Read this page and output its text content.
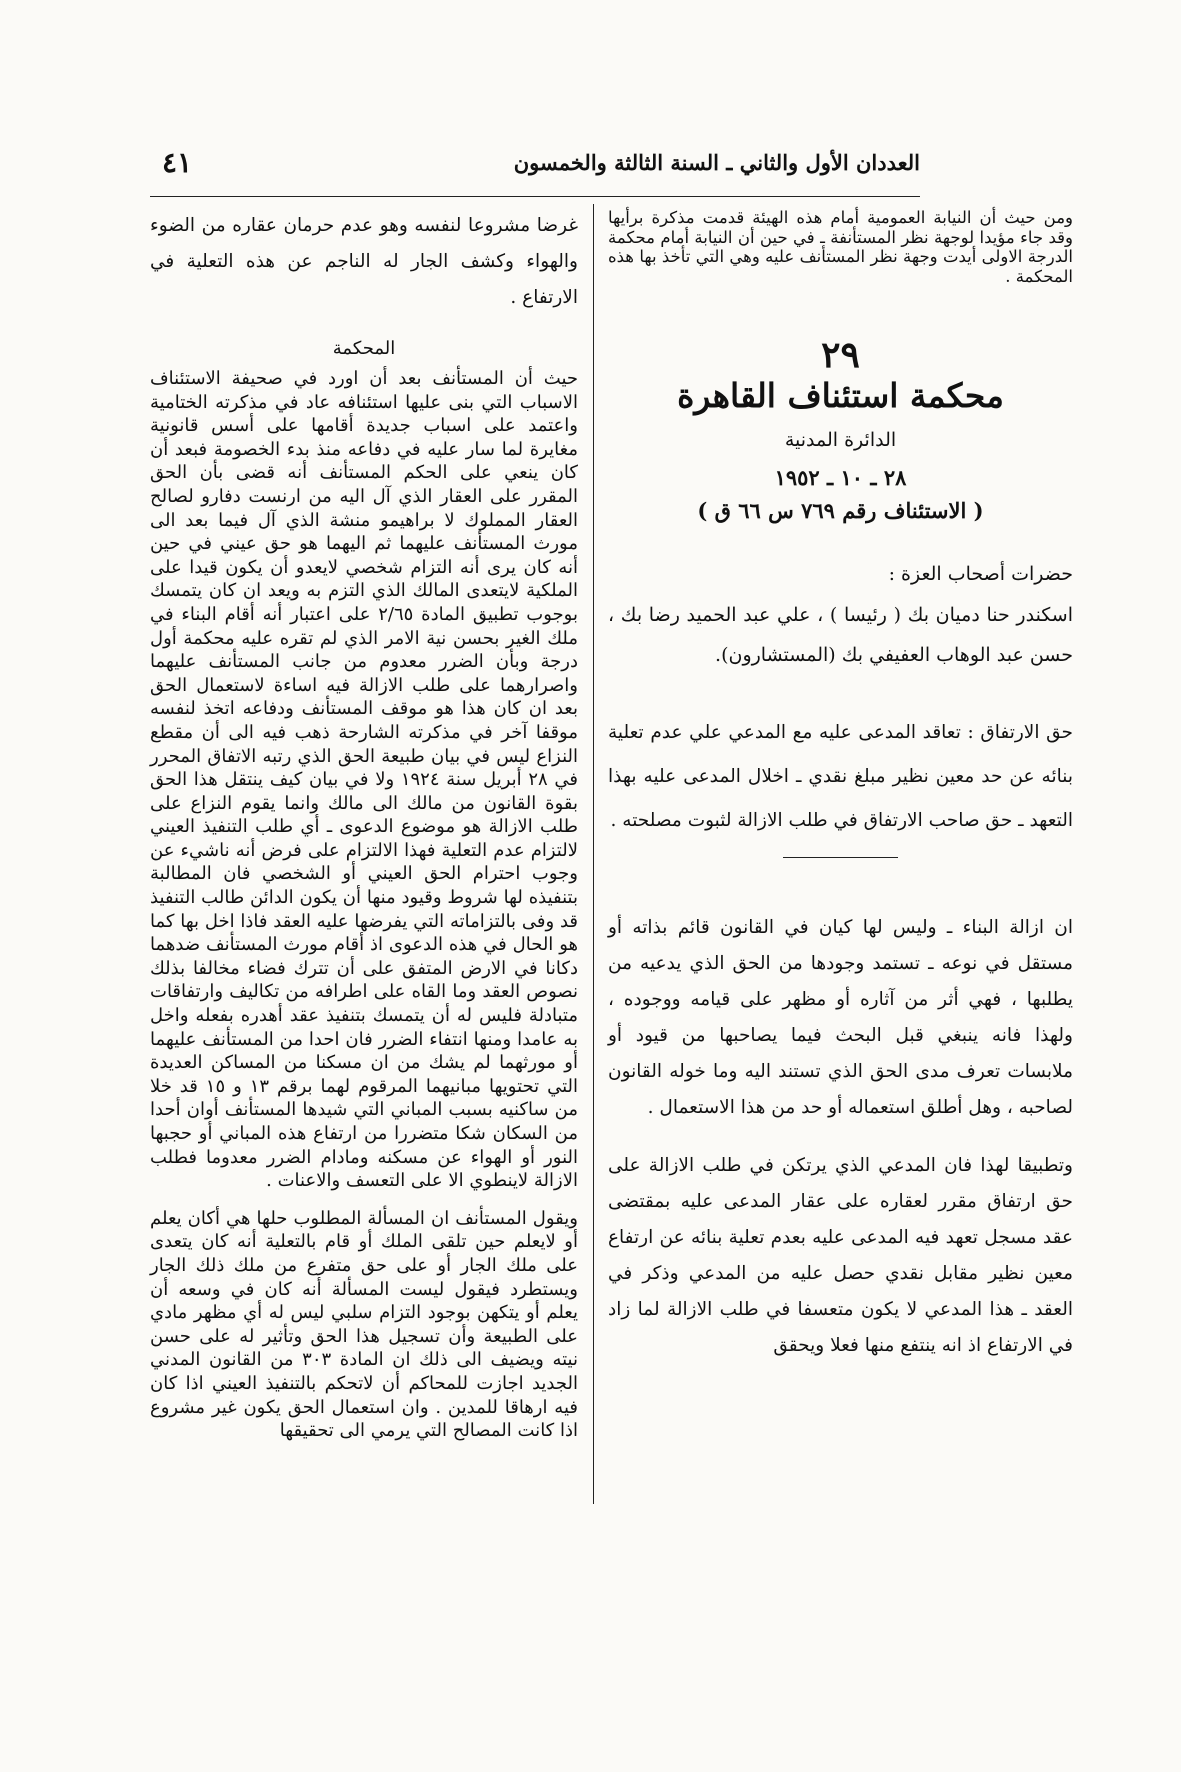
العددان الأول والثاني ـ السنة الثالثة والخمسون
٤١

ومن حيث أن النيابة العمومية أمام هذه الهيئة قدمت مذكرة برأيها وقد جاء مؤيدا لوجهة نظر المستأنفة ـ في حين أن النيابة أمام محكمة الدرجة الاولى أيدت وجهة نظر المستأنف عليه وهي التي تأخذ بها هذه المحكمة .

٢٩

محكمة استئناف القاهرة

الدائرة المدنية

٢٨ ـ ١٠ ـ ١٩٥٢

( الاستئناف رقم ٧٦٩ س ٦٦ ق )

حضرات أصحاب العزة :

اسكندر حنا دميان بك ( رئيسا ) ، علي عبد الحميد رضا بك ، حسن عبد الوهاب العفيفي بك (المستشارون).

حق الارتفاق : تعاقد المدعى عليه مع المدعي علي عدم تعلية بنائه عن حد معين نظير مبلغ نقدي ـ اخلال المدعى عليه بهذا التعهد ـ حق صاحب الارتفاق في طلب الازالة لثبوت مصلحته .

ان ازالة البناء ـ وليس لها كيان في القانون قائم بذاته أو مستقل في نوعه ـ تستمد وجودها من الحق الذي يدعيه من يطلبها ، فهي أثر من آثاره أو مظهر على قيامه ووجوده ، ولهذا فانه ينبغي قبل البحث فيما يصاحبها من قيود أو ملابسات تعرف مدى الحق الذي تستند اليه وما خوله القانون لصاحبه ، وهل أطلق استعماله أو حد من هذا الاستعمال .

وتطبيقا لهذا فان المدعي الذي يرتكن في طلب الازالة على حق ارتفاق مقرر لعقاره على عقار المدعى عليه بمقتضى عقد مسجل تعهد فيه المدعى عليه بعدم تعلية بنائه عن ارتفاع معين نظير مقابل نقدي حصل عليه من المدعي وذكر في العقد ـ هذا المدعي لا يكون متعسفا في طلب الازالة لما زاد في الارتفاع اذ انه ينتفع منها فعلا ويحقق

غرضا مشروعا لنفسه وهو عدم حرمان عقاره من الضوء والهواء وكشف الجار له الناجم عن هذه التعلية في الارتفاع .

المحكمة

حيث أن المستأنف بعد أن اورد في صحيفة الاستئناف الاسباب التي بنى عليها استئنافه عاد في مذكرته الختامية واعتمد على اسباب جديدة أقامها على أسس قانونية مغايرة لما سار عليه في دفاعه منذ بدء الخصومة فبعد أن كان ينعي على الحكم المستأنف أنه قضى بأن الحق المقرر على العقار الذي آل اليه من ارنست دفارو لصالح العقار المملوك لا براهيمو منشة الذي آل فيما بعد الى مورث المستأنف عليهما ثم اليهما هو حق عيني في حين أنه كان يرى أنه التزام شخصي لايعدو أن يكون قيدا على الملكية لايتعدى المالك الذي التزم به ويعد ان كان يتمسك بوجوب تطبيق المادة ٢/٦٥ على اعتبار أنه أقام البناء في ملك الغير بحسن نية الامر الذي لم تقره عليه محكمة أول درجة وبأن الضرر معدوم من جانب المستأنف عليهما واصرارهما على طلب الازالة فيه اساءة لاستعمال الحق بعد ان كان هذا هو موقف المستأنف ودفاعه اتخذ لنفسه موقفا آخر في مذكرته الشارحة ذهب فيه الى أن مقطع النزاع ليس في بيان طبيعة الحق الذي رتبه الاتفاق المحرر في ٢٨ أبريل سنة ١٩٢٤ ولا في بيان كيف ينتقل هذا الحق بقوة القانون من مالك الى مالك وانما يقوم النزاع على طلب الازالة هو موضوع الدعوى ـ أي طلب التنفيذ العيني لالتزام عدم التعلية فهذا الالتزام على فرض أنه ناشيء عن وجوب احترام الحق العيني أو الشخصي فان المطالبة بتنفيذه لها شروط وقيود منها أن يكون الدائن طالب التنفيذ قد وفى بالتزاماته التي يفرضها عليه العقد فاذا اخل بها كما هو الحال في هذه الدعوى اذ أقام مورث المستأنف ضدهما دكانا في الارض المتفق على أن تترك فضاء مخالفا بذلك نصوص العقد وما القاه على اطرافه من تكاليف وارتفاقات متبادلة فليس له أن يتمسك بتنفيذ عقد أهدره بفعله واخل به عامدا ومنها انتفاء الضرر فان احدا من المستأنف عليهما أو مورثهما لم يشك من ان مسكنا من المساكن العديدة التي تحتويها مبانيهما المرقوم لهما برقم ١٣ و ١٥ قد خلا من ساكنيه بسبب المباني التي شيدها المستأنف أوان أحدا من السكان شكا متضررا من ارتفاع هذه المباني أو حجبها النور أو الهواء عن مسكنه ومادام الضرر معدوما فطلب الازالة لاينطوي الا على التعسف والاعنات .

ويقول المستأنف ان المسألة المطلوب حلها هي أكان يعلم أو لايعلم حين تلقى الملك أو قام بالتعلية أنه كان يتعدى على ملك الجار أو على حق متفرع من ملك ذلك الجار ويستطرد فيقول ليست المسألة أنه كان في وسعه أن يعلم أو يتكهن بوجود التزام سلبي ليس له أي مظهر مادي على الطبيعة وأن تسجيل هذا الحق وتأثير له على حسن نيته ويضيف الى ذلك ان المادة ٣٠٣ من القانون المدني الجديد اجازت للمحاكم أن لاتحكم بالتنفيذ العيني اذا كان فيه ارهاقا للمدين . وان استعمال الحق يكون غير مشروع اذا كانت المصالح التي يرمي الى تحقيقها
